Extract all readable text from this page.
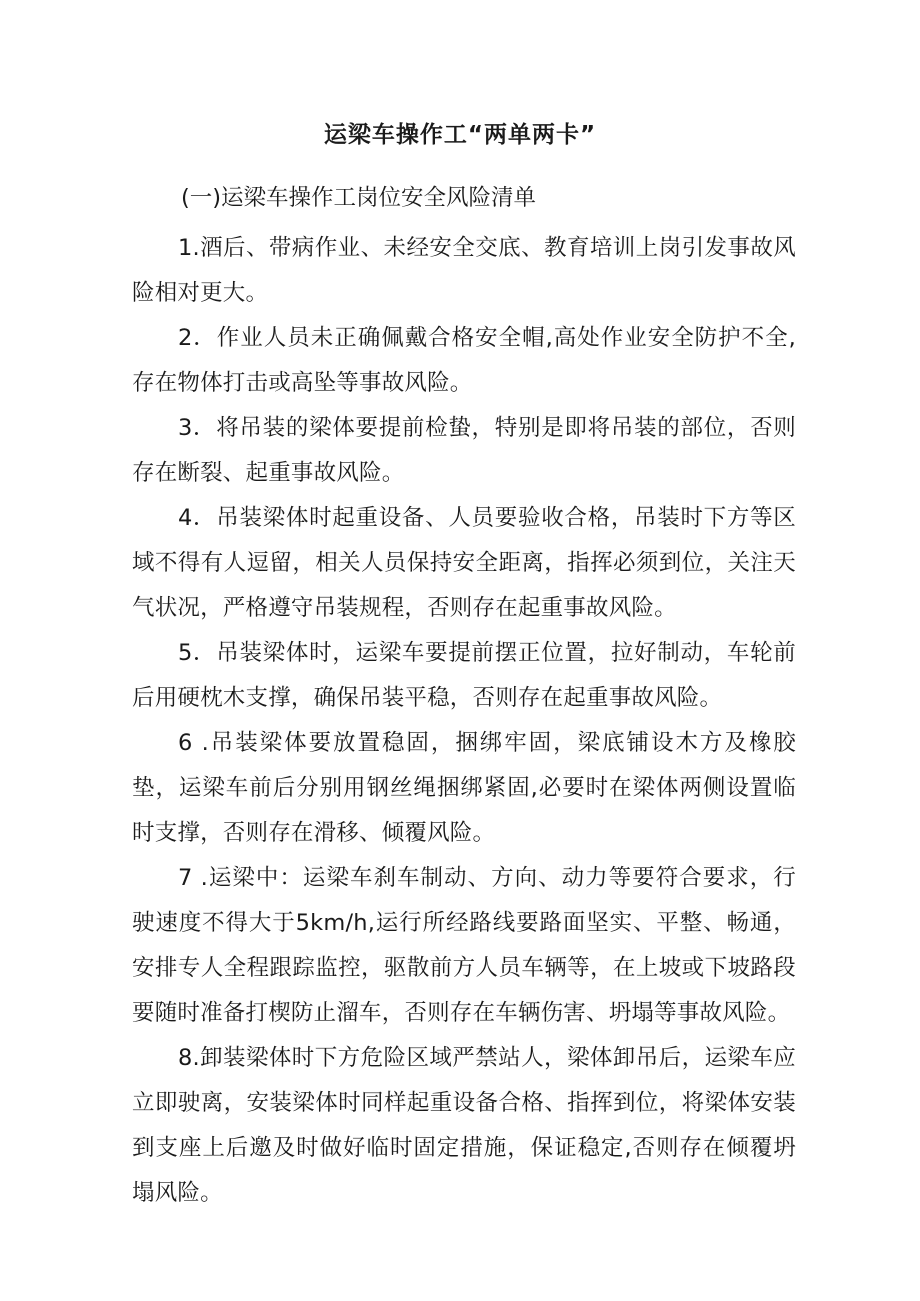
运梁车操作工“两单两卡”

(一)运梁车操作工岗位安全风险清单

1.酒后、带病作业、未经安全交底、教育培训上岗引发事故风险相对更大。

2．作业人员未正确佩戴合格安全帽,高处作业安全防护不全,存在物体打击或高坠等事故风险。

3．将吊装的梁体要提前检蛰，特别是即将吊装的部位，否则存在断裂、起重事故风险。

4．吊装梁体时起重设备、人员要验收合格，吊装时下方等区域不得有人逗留，相关人员保持安全距离，指挥必须到位，关注天气状况，严格遵守吊装规程，否则存在起重事故风险。

5．吊装梁体时，运梁车要提前摆正位置，拉好制动，车轮前后用硬枕木支撑，确保吊装平稳，否则存在起重事故风险。

6 .吊装梁体要放置稳固，捆绑牢固，梁底铺设木方及橡胶垫，运梁车前后分别用钢丝绳捆绑紧固,必要时在梁体两侧设置临时支撑，否则存在滑移、倾覆风险。

7 .运梁中：运梁车刹车制动、方向、动力等要符合要求，行驶速度不得大于5km/h,运行所经路线要路面坚实、平整、畅通，安排专人全程跟踪监控，驱散前方人员车辆等，在上坡或下坡路段要随时准备打楔防止溜车，否则存在车辆伤害、坍塌等事故风险。

8.卸装梁体时下方危险区域严禁站人，梁体卸吊后，运梁车应立即驶离，安装梁体时同样起重设备合格、指挥到位，将梁体安装到支座上后邀及时做好临时固定措施，保证稳定,否则存在倾覆坍塌风险。
